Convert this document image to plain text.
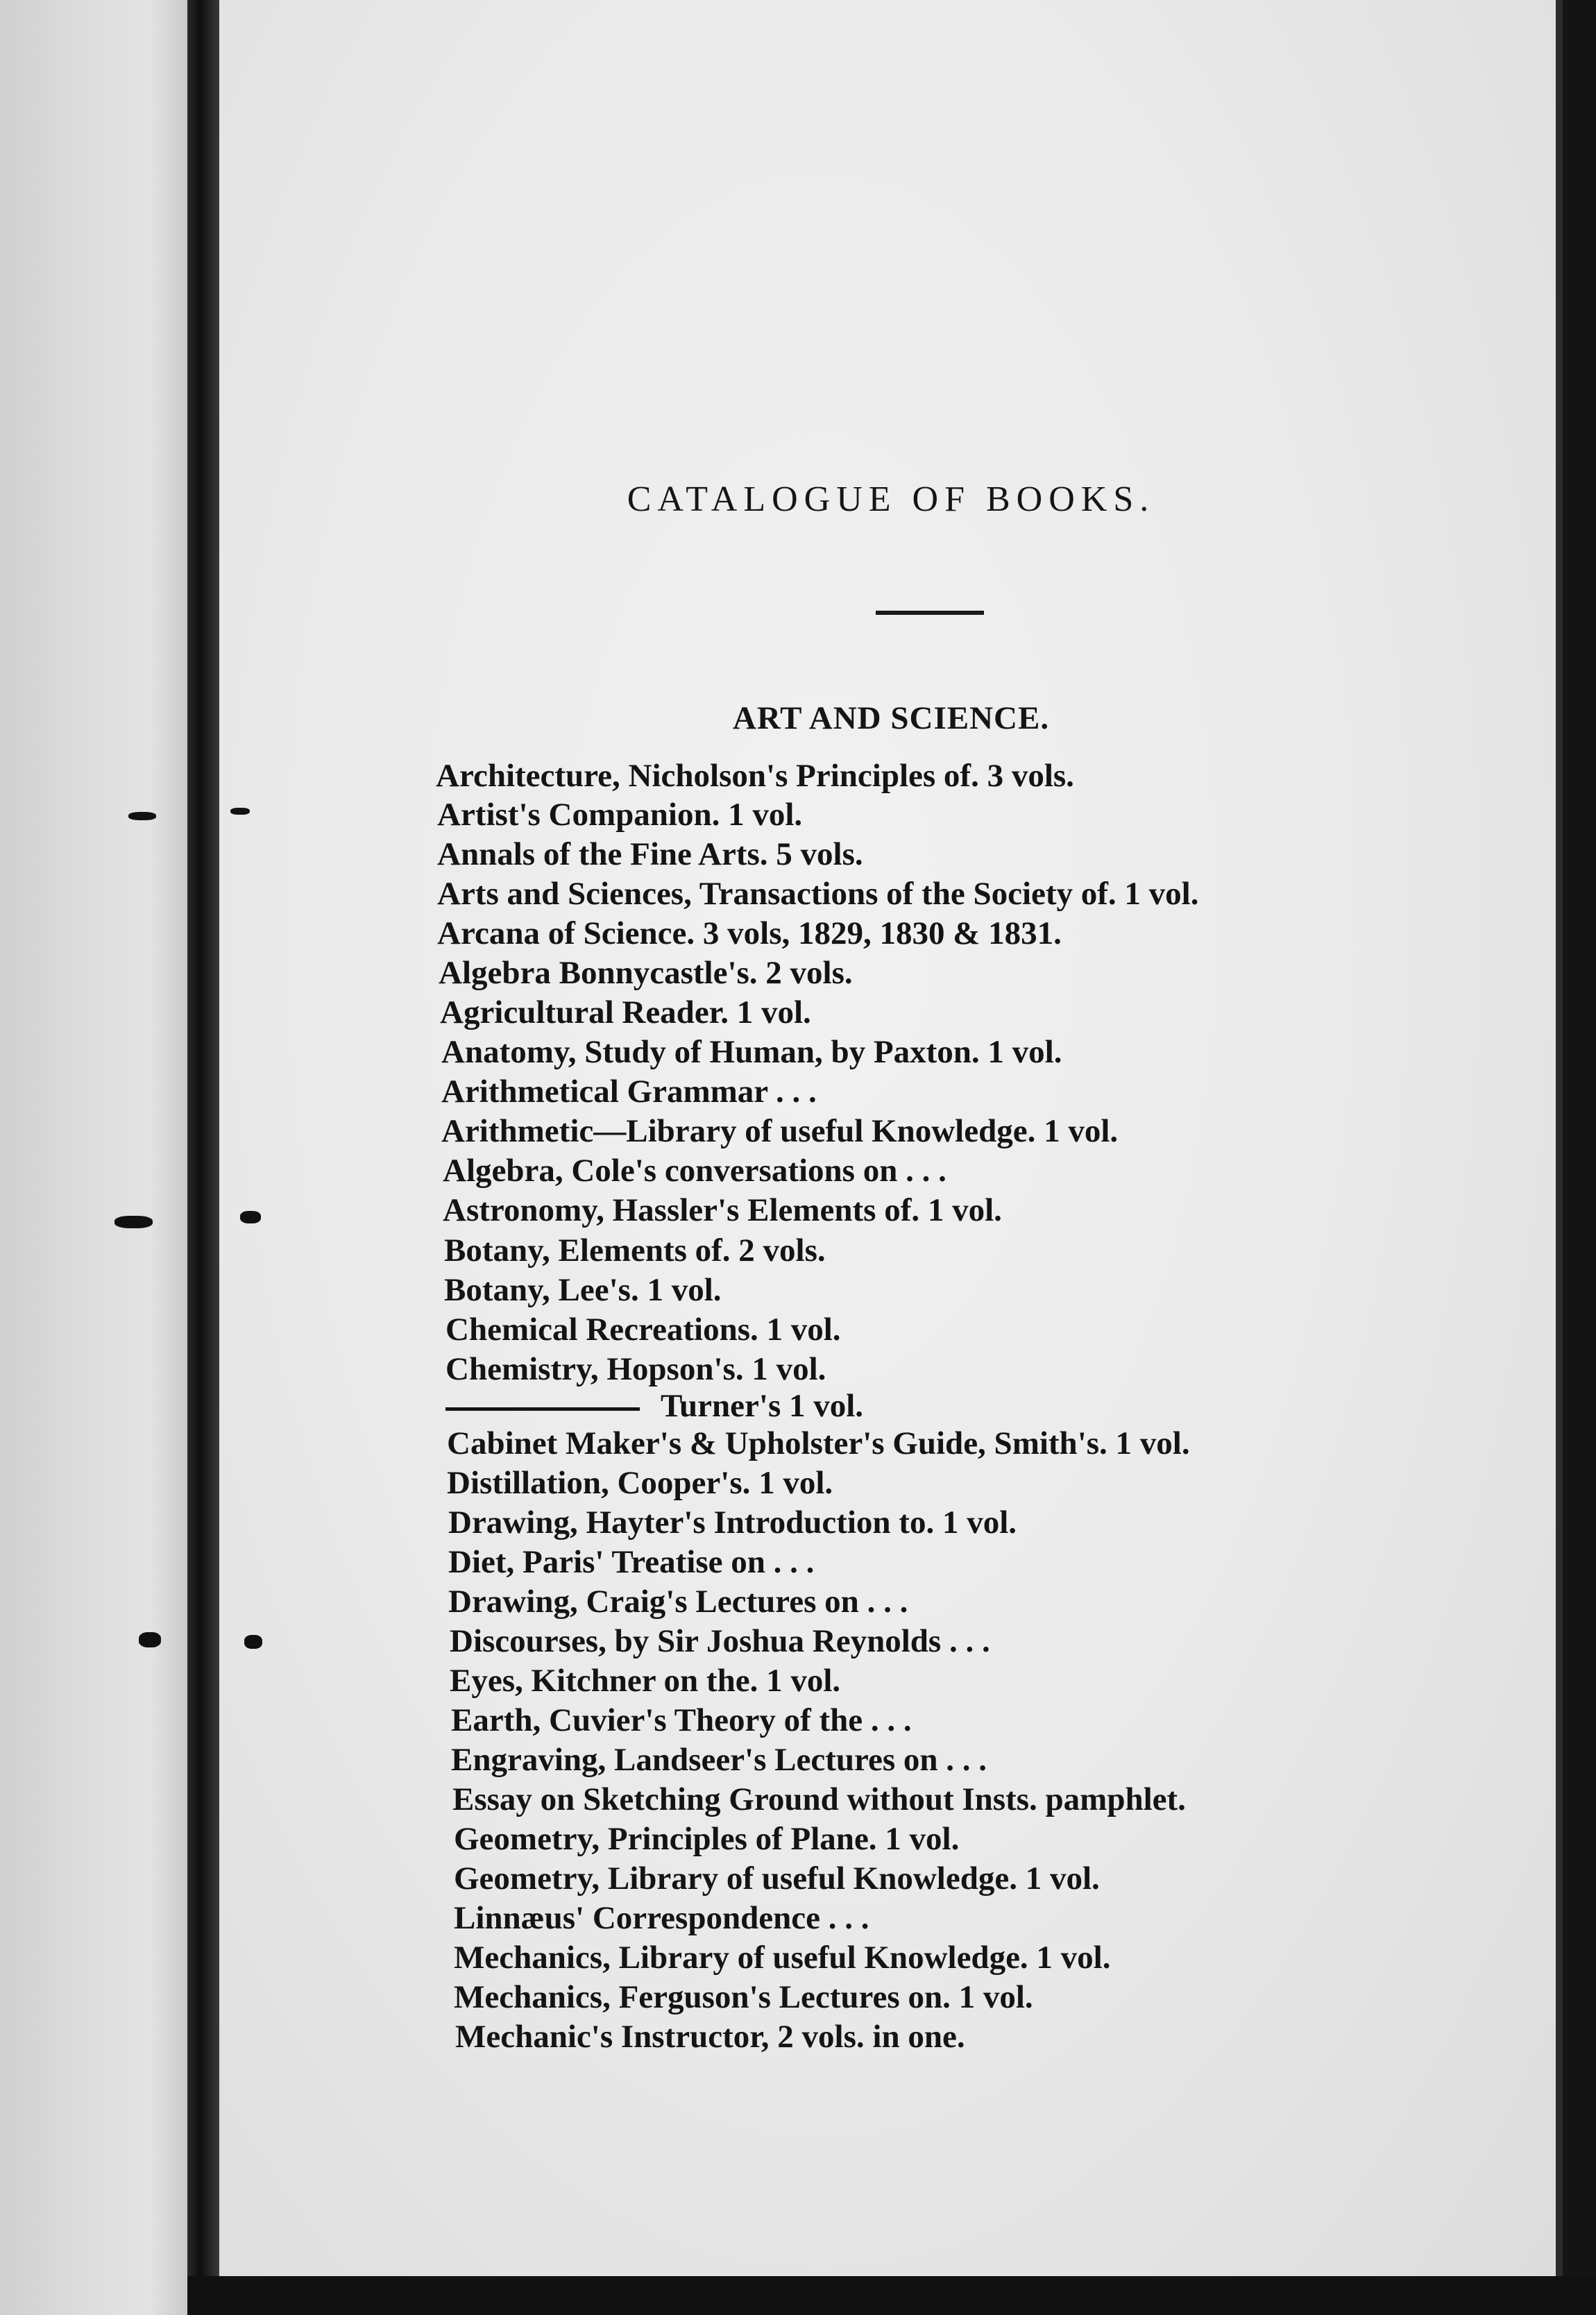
CATALOGUE OF BOOKS.
ART AND SCIENCE.
Architecture, Nicholson's Principles of. 3 vols.
Artist's Companion. 1 vol.
Annals of the Fine Arts. 5 vols.
Arts and Sciences, Transactions of the Society of. 1 vol.
Arcana of Science. 3 vols, 1829, 1830 & 1831.
Algebra Bonnycastle's. 2 vols.
Agricultural Reader. 1 vol.
Anatomy, Study of Human, by Paxton. 1 vol.
Arithmetical Grammar . . .
Arithmetic—Library of useful Knowledge. 1 vol.
Algebra, Cole's conversations on . . .
Astronomy, Hassler's Elements of. 1 vol.
Botany, Elements of. 2 vols.
Botany, Lee's. 1 vol.
Chemical Recreations. 1 vol.
Chemistry, Hopson's. 1 vol.
Turner's 1 vol.
Cabinet Maker's & Upholster's Guide, Smith's. 1 vol.
Distillation, Cooper's. 1 vol.
Drawing, Hayter's Introduction to. 1 vol.
Diet, Paris' Treatise on . . .
Drawing, Craig's Lectures on . . .
Discourses, by Sir Joshua Reynolds . . .
Eyes, Kitchner on the. 1 vol.
Earth, Cuvier's Theory of the . . .
Engraving, Landseer's Lectures on . . .
Essay on Sketching Ground without Insts. pamphlet.
Geometry, Principles of Plane. 1 vol.
Geometry, Library of useful Knowledge. 1 vol.
Linnæus' Correspondence . . .
Mechanics, Library of useful Knowledge. 1 vol.
Mechanics, Ferguson's Lectures on. 1 vol.
Mechanic's Instructor, 2 vols. in one.
